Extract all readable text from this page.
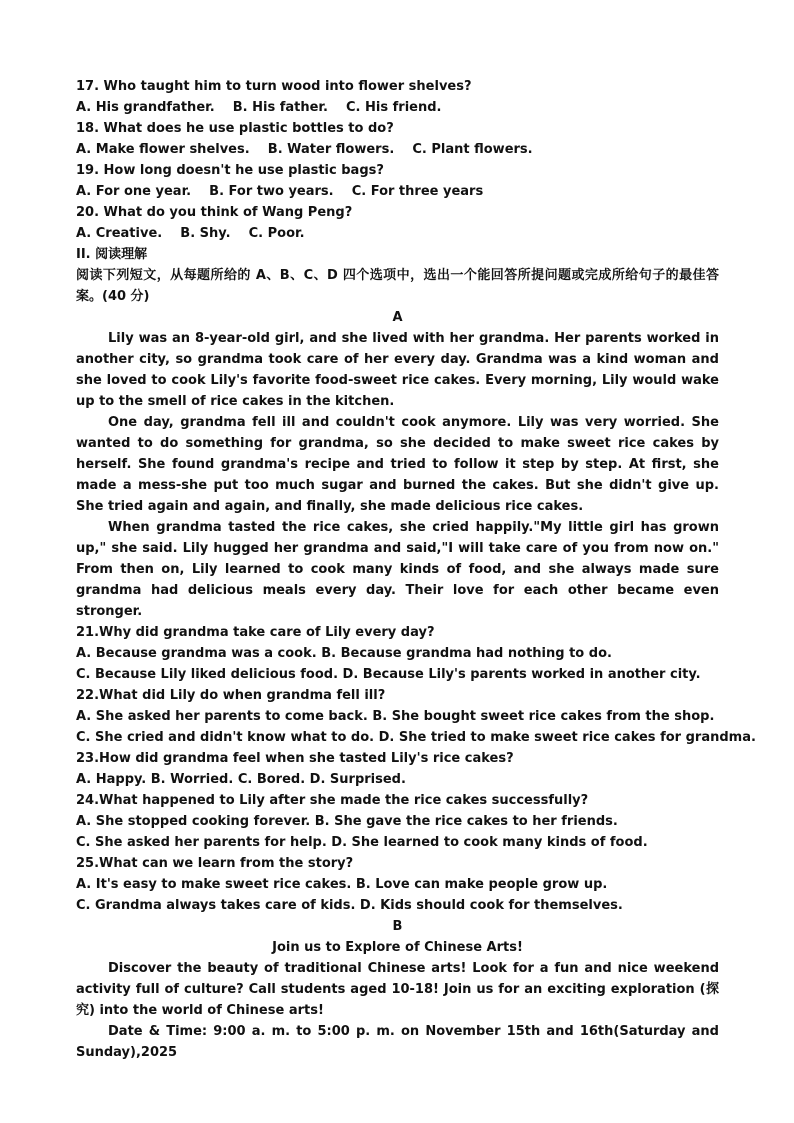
17. Who taught him to turn wood into flower shelves?
A. His grandfather.    B. His father.    C. His friend.
18. What does he use plastic bottles to do?
A. Make flower shelves.    B. Water flowers.    C. Plant flowers.
19. How long doesn't he use plastic bags?
A. For one year.    B. For two years.    C. For three years
20. What do you think of Wang Peng?
A. Creative.    B. Shy.    C. Poor.
II. 阅读理解

阅读下列短文，从每题所给的 A、B、C、D 四个选项中，选出一个能回答所提问题或完成所给句子的最佳答案。(40 分)

A

Lily was an 8-year-old girl, and she lived with her grandma. Her parents worked in another city, so grandma took care of her every day. Grandma was a kind woman and she loved to cook Lily's favorite food-sweet rice cakes. Every morning, Lily would wake up to the smell of rice cakes in the kitchen.

One day, grandma fell ill and couldn't cook anymore. Lily was very worried. She wanted to do something for grandma, so she decided to make sweet rice cakes by herself. She found grandma's recipe and tried to follow it step by step. At first, she made a mess-she put too much sugar and burned the cakes. But she didn't give up. She tried again and again, and finally, she made delicious rice cakes.

When grandma tasted the rice cakes, she cried happily."My little girl has grown up," she said. Lily hugged her grandma and said,"I will take care of you from now on." From then on, Lily learned to cook many kinds of food, and she always made sure grandma had delicious meals every day. Their love for each other became even stronger.

21.Why did grandma take care of Lily every day?
A. Because grandma was a cook. B. Because grandma had nothing to do.
C. Because Lily liked delicious food. D. Because Lily's parents worked in another city.
22.What did Lily do when grandma fell ill?
A. She asked her parents to come back. B. She bought sweet rice cakes from the shop.
C. She cried and didn't know what to do. D. She tried to make sweet rice cakes for grandma.
23.How did grandma feel when she tasted Lily's rice cakes?
A. Happy. B. Worried. C. Bored. D. Surprised.
24.What happened to Lily after she made the rice cakes successfully?
A. She stopped cooking forever. B. She gave the rice cakes to her friends.
C. She asked her parents for help. D. She learned to cook many kinds of food.
25.What can we learn from the story?
A. It's easy to make sweet rice cakes. B. Love can make people grow up.
C. Grandma always takes care of kids. D. Kids should cook for themselves.
B
Join us to Explore of Chinese Arts!

Discover the beauty of traditional Chinese arts! Look for a fun and nice weekend activity full of culture? Call students aged 10-18! Join us for an exciting exploration (探究) into the world of Chinese arts!

Date & Time: 9:00 a. m. to 5:00 p. m. on November 15th and 16th(Saturday and Sunday),2025
